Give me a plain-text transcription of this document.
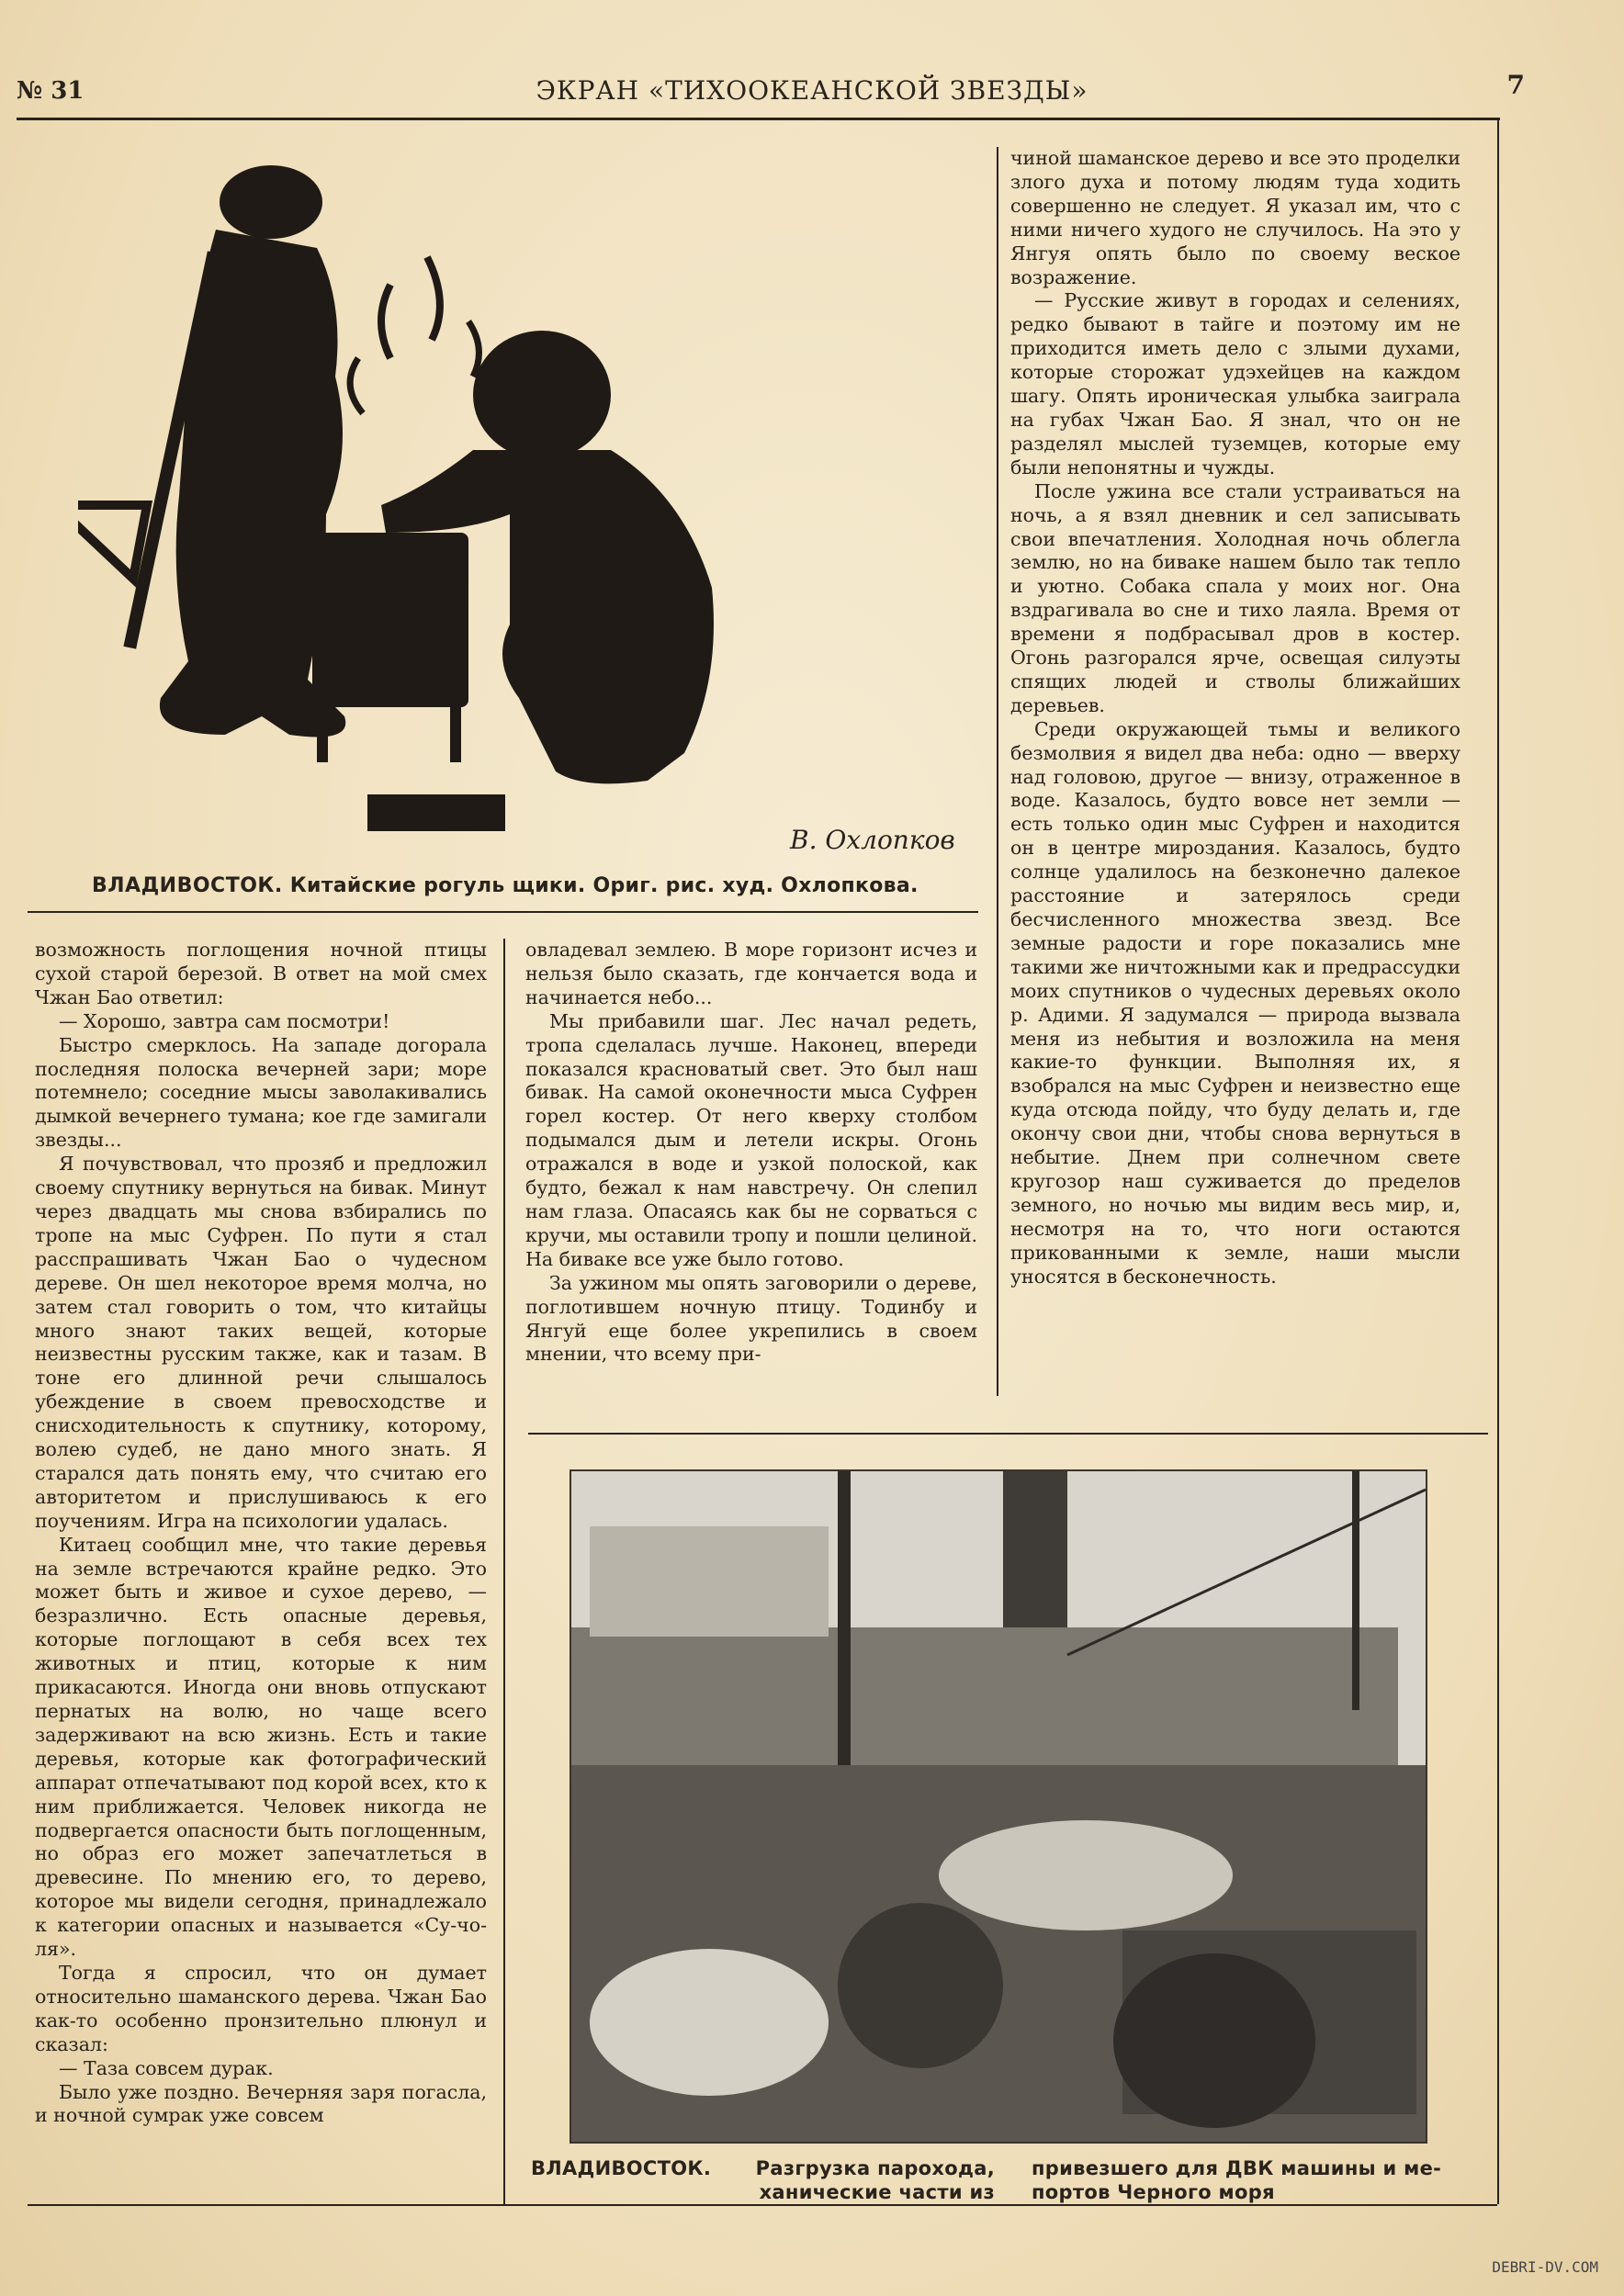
№ 31	ЭКРАН «ТИХООКЕАНСКОЙ ЗВЕЗДЫ»	7
В. Охлопков
ВЛАДИВОСТОК. Китайские рогуль щики. Ориг. рис. худ. Охлопкова.

чиной шаманское дерево и все это проделки злого духа и потому людям туда ходить совершенно не следует. Я указал им, что с ними ничего худого не случилось. На это у Янгуя опять было по своему веское возражение.

— Русские живут в городах и селениях, редко бывают в тайге и поэтому им не приходится иметь дело с злыми духами, которые сторожат удэхейцев на каждом шагу. Опять ироническая улыбка заиграла на губах Чжан Бао. Я знал, что он не разделял мыслей туземцев, которые ему были непонятны и чужды.

После ужина все стали устраиваться на ночь, а я взял дневник и сел записывать свои впечатления. Холодная ночь облегла землю, но на бивакe нашем было так тепло и уютно. Собака спала у моих ног. Она вздрагивала во сне и тихо лаяла. Время от времени я подбрасывал дров в костер. Огонь разгорался ярче, освещая силуэты спящих людей и стволы ближайших деревьев.

Среди окружающей тьмы и великого безмолвия я видел два неба: одно — вверху над головою, другое — внизу, отраженное в воде. Казалось, будто вовсе нет земли — есть только один мыс Суфрен и находится он в центре мироздания. Казалось, будто солнце удалилось на безконечно далекое расстояние и затерялось среди бесчисленного множества звезд. Все земные радости и горе показались мне такими же ничтожными как и предрассудки моих спутников о чудесных деревьях около р. Адими. Я задумался — природа вызвала меня из небытия и возложила на меня какие-то функции. Выполняя их, я взобрался на мыс Суфрен и неизвестно еще куда отсюда пойду, что буду делать и, где окончу свои дни, чтобы снова вернуться в небытие. Днем при солнечном свете кругозор наш суживается до пределов земного, но ночью мы видим весь мир, и, несмотря на то, что ноги остаются прикованными к земле, наши мысли уносятся в бесконечность.

возможность поглощения ночной птицы сухой старой березой. В ответ на мой смех Чжан Бао ответил:

— Хорошо, завтра сам посмотри!

Быстро смерклось. На западе догорала последняя полоска вечерней зари; море потемнело; соседние мысы заволакивались дымкой вечернего тумана; кое где замигали звезды...

Я почувствовал, что прозяб и предложил своему спутнику вернуться на бивак. Минут через двадцать мы снова взбирались по тропе на мыс Суфрен. По пути я стал расспрашивать Чжан Бао о чудесном дереве. Он шел некоторое время молча, но затем стал говорить о том, что китайцы много знают таких вещей, которые неизвестны русским также, как и тазам. В тоне его длинной речи слышалось убеждение в своем превосходстве и снисходительность к спутнику, которому, волею судеб, не дано много знать. Я старался дать понять ему, что считаю его авторитетом и прислушиваюсь к его поучениям. Игра на психологии удалась.

Китаец сообщил мне, что такие деревья на земле встречаются крайне редко. Это может быть и живое и сухое дерево, — безразлично. Есть опасные деревья, которые поглощают в себя всех тех животных и птиц, которые к ним прикасаются. Иногда они вновь отпускают пернатых на волю, но чаще всего задерживают на всю жизнь. Есть и такие деревья, которые как фотографический аппарат отпечатывают под корой всех, кто к ним приближается. Человек никогда не подвергается опасности быть поглощенным, но образ его может запечатлеться в древесине. По мнению его, то дерево, которое мы видели сегодня, принадлежало к категории опасных и называется «Су-чо-ля».

Тогда я спросил, что он думает относительно шаманского дерева. Чжан Бао как-то особенно пронзительно плюнул и сказал:

— Таза совсем дурак.

Было уже поздно. Вечерняя заря погасла, и ночной сумрак уже совсем

овладевал землею. В море горизонт исчез и нельзя было сказать, где кончается вода и начинается небо...

Мы прибавили шаг. Лес начал редеть, тропа сделалась лучше. Наконец, впереди показался красноватый свет. Это был наш бивак. На самой оконечности мыса Суфрен горел костер. От него кверху столбом подымался дым и летели искры. Огонь отражался в воде и узкой полоской, как будто, бежал к нам навстречу. Он слепил нам глаза. Опасаясь как бы не сорваться с кручи, мы оставили тропу и пошли целиной. На бивакe все уже было готово.

За ужином мы опять заговорили о дереве, поглотившем ночную птицу. Тодинбу и Янгуй еще более укрепились в своем мнении, что всему при-

ВЛАДИВОСТОК. Разгрузка парохода, ханические части изпривезшего для ДВК машины и ме- портов Черного моря
DEBRI-DV.COM
